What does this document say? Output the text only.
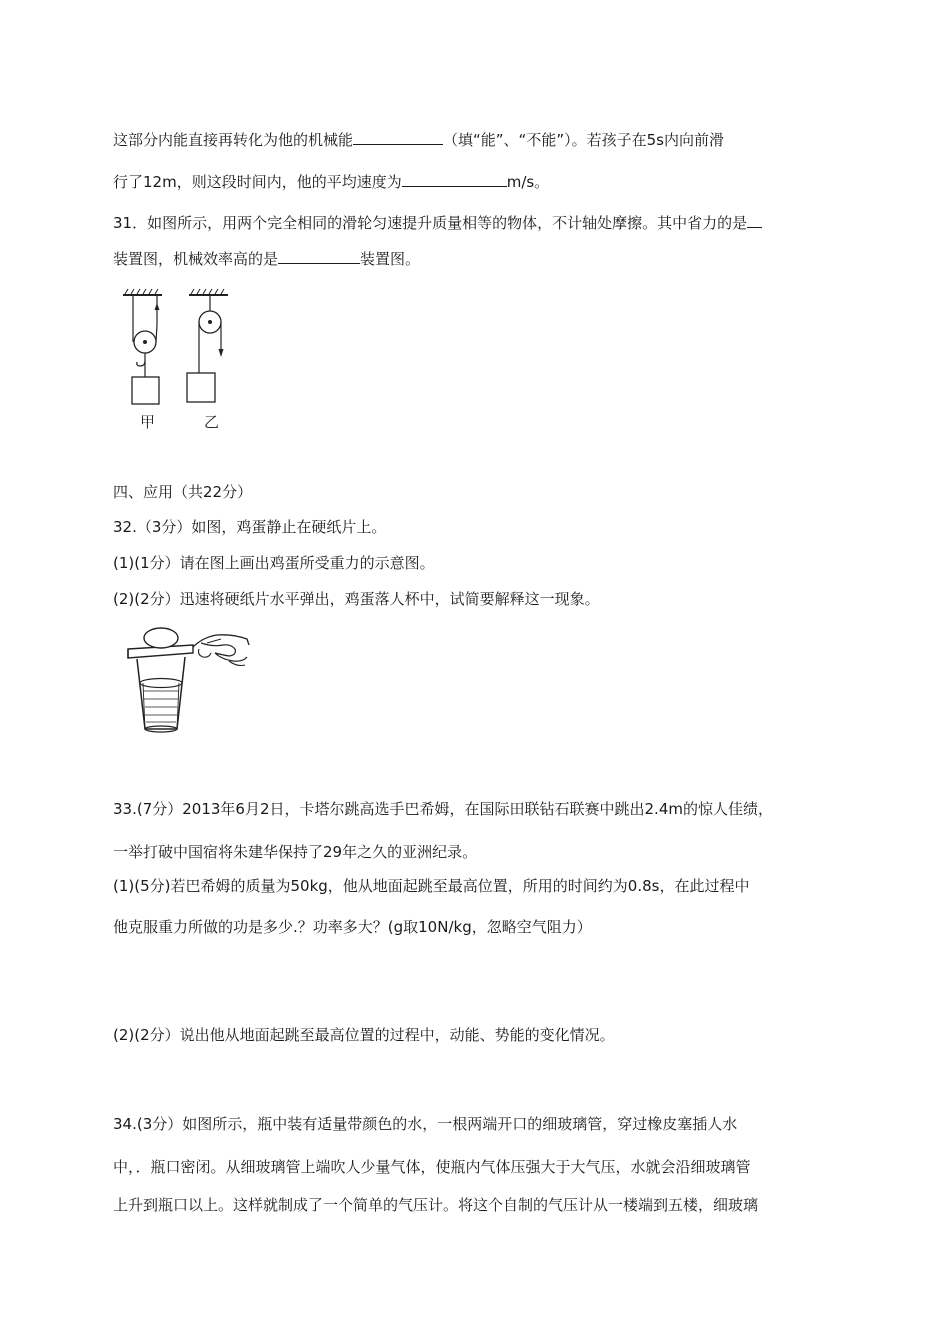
这部分内能直接再转化为他的机械能	（填“能”、“不能”）。若孩子在5s内向前滑
行了12m，则这段时间内，他的平均速度为	m/s。
31．如图所示，用两个完全相同的滑轮匀速提升质量相等的物体，不计轴处摩擦。其中省力的是
装置图，机械效率高的是	装置图。
甲	乙
四、应用（共22分）
32.（3分）如图，鸡蛋静止在硬纸片上。
(1)(1分）请在图上画出鸡蛋所受重力的示意图。
(2)(2分）迅速将硬纸片水平弹出，鸡蛋落人杯中，试简要解释这一现象。
33.(7分）2013年6月2日，卡塔尔跳高选手巴希姆，在国际田联钻石联赛中跳出2.4m的惊人佳绩，
一举打破中国宿将朱建华保持了29年之久的亚洲纪录。
(1)(5分)若巴希姆的质量为50kg，他从地面起跳至最高位置，所用的时间约为0.8s，在此过程中
他克服重力所做的功是多少.？功率多大？(g取10N/kg，忽略空气阻力）
(2)(2分）说出他从地面起跳至最高位置的过程中，动能、势能的变化情况。
34.(3分）如图所示，瓶中装有适量带颜色的水，一根两端开口的细玻璃管，穿过橡皮塞插人水
中，．瓶口密闭。从细玻璃管上端吹人少量气体，使瓶内气体压强大于大气压，水就会沿细玻璃管
上升到瓶口以上。这样就制成了一个简单的气压计。将这个自制的气压计从一楼端到五楼，细玻璃
